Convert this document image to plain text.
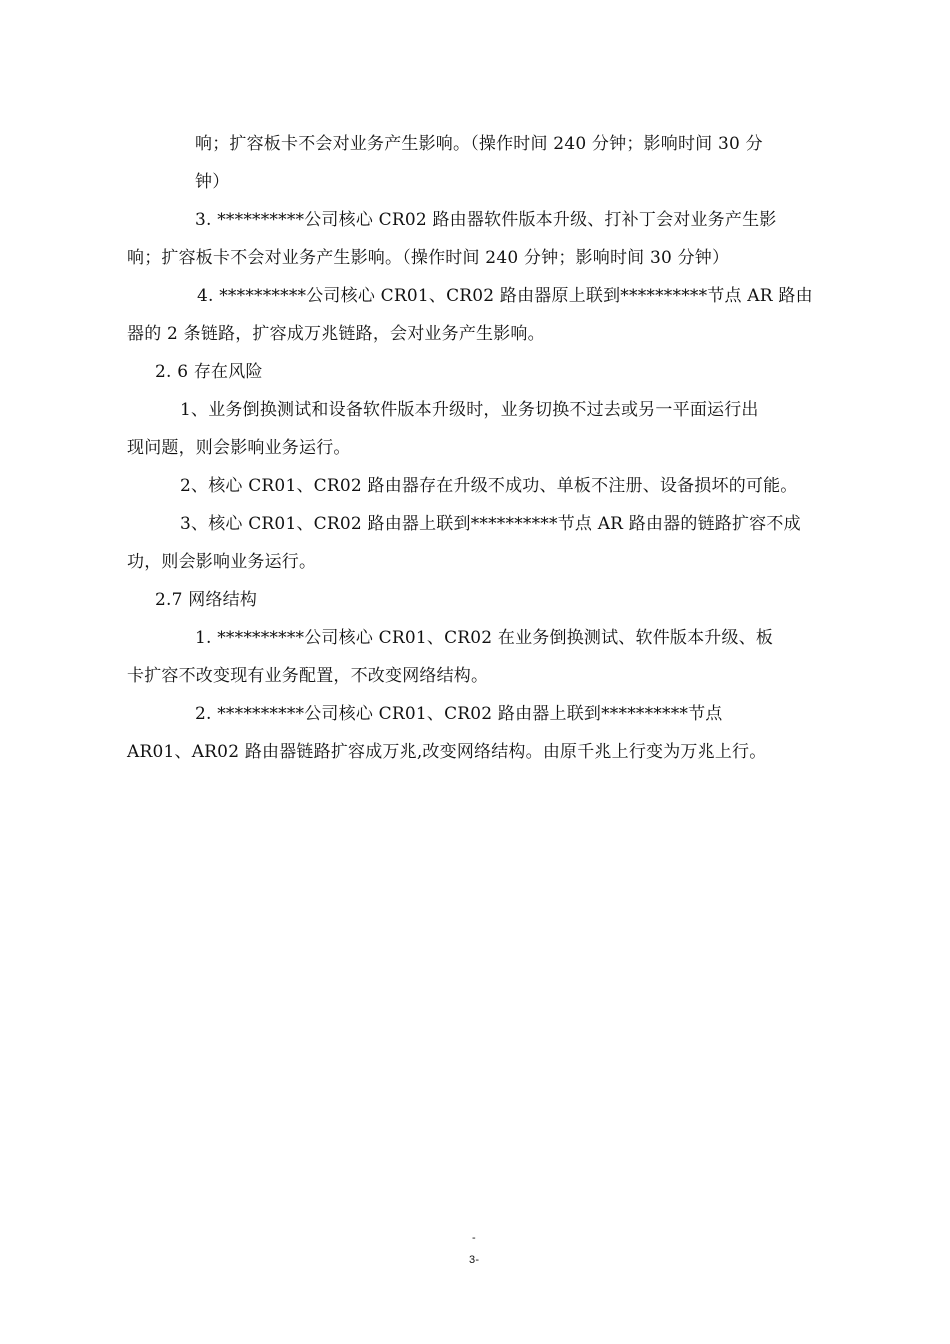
响；扩容板卡不会对业务产生影响。（操作时间 240 分钟；影响时间 30 分
钟）
3. **********公司核心 CR02 路由器软件版本升级、打补丁会对业务产生影
响；扩容板卡不会对业务产生影响。（操作时间 240 分钟；影响时间 30 分钟）
4. **********公司核心 CR01、CR02 路由器原上联到**********节点 AR 路由
器的 2 条链路，扩容成万兆链路，会对业务产生影响。
2. 6 存在风险
1、业务倒换测试和设备软件版本升级时，业务切换不过去或另一平面运行出
现问题，则会影响业务运行。
2、核心 CR01、CR02 路由器存在升级不成功、单板不注册、设备损坏的可能。
3、核心 CR01、CR02 路由器上联到**********节点 AR 路由器的链路扩容不成
功，则会影响业务运行。
2.7 网络结构
1. **********公司核心 CR01、CR02 在业务倒换测试、软件版本升级、板
卡扩容不改变现有业务配置，不改变网络结构。
2. **********公司核心 CR01、CR02 路由器上联到**********节点
AR01、AR02 路由器链路扩容成万兆,改变网络结构。由原千兆上行变为万兆上行。
-
3-
